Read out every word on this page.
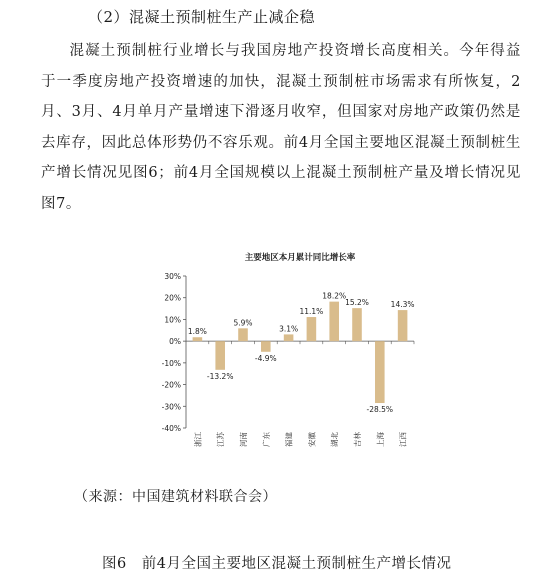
（2）混凝土预制桩生产止减企稳
混凝土预制桩行业增长与我国房地产投资增长高度相关。今年得益于一季度房地产投资增速的加快，混凝土预制桩市场需求有所恢复，2月、3月、4月单月产量增速下滑逐月收窄，但国家对房地产政策仍然是去库存，因此总体形势仍不容乐观。前4月全国主要地区混凝土预制桩生产增长情况见图6；前4月全国规模以上混凝土预制桩产量及增长情况见图7。
主要地区本月累计同比增长率
30%
20%
10%
0%
-10%
-20%
-30%
-40%
1.8%
浙江
-13.2%
江苏
5.9%
河南
-4.9%
广东
3.1%
福建
11.1%
安徽
18.2%
湖北
15.2%
吉林
-28.5%
上海
14.3%
江西
（来源：中国建筑材料联合会）
图6　前4月全国主要地区混凝土预制桩生产增长情况
